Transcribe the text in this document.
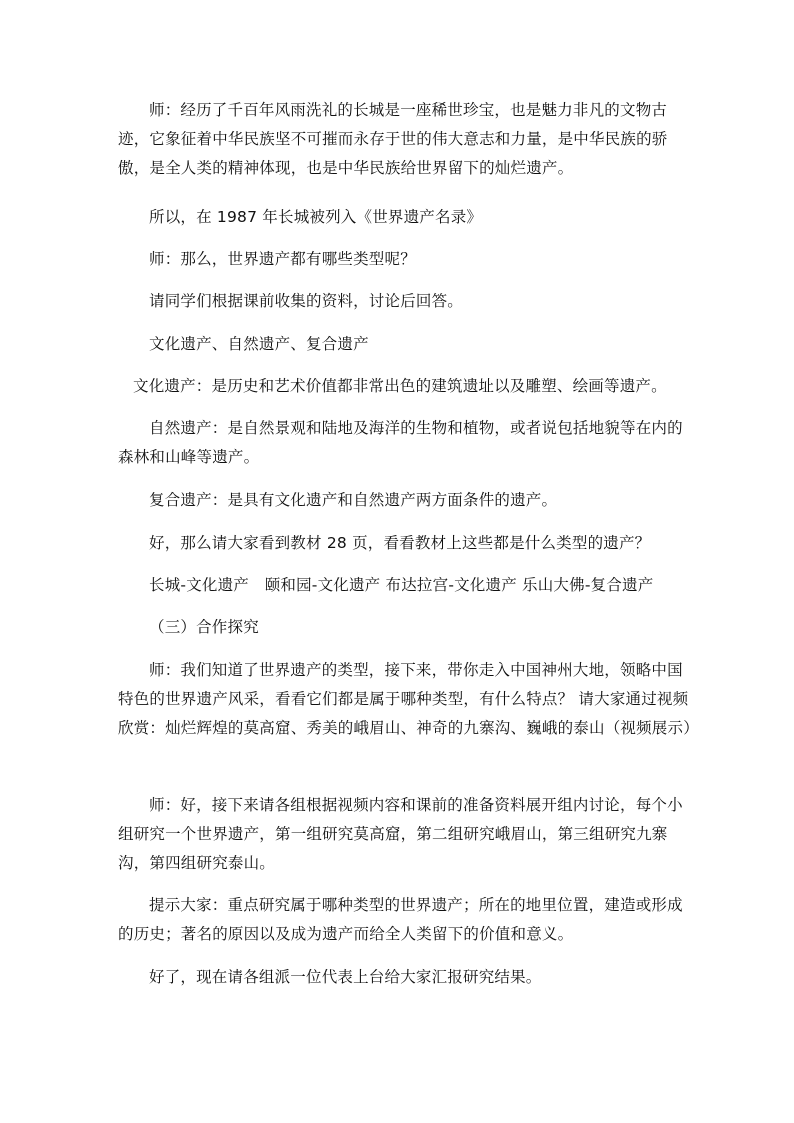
师：经历了千百年风雨洗礼的长城是一座稀世珍宝，也是魅力非凡的文物古迹，它象征着中华民族坚不可摧而永存于世的伟大意志和力量，是中华民族的骄傲，是全人类的精神体现，也是中华民族给世界留下的灿烂遗产。

所以，在 1987 年长城被列入《世界遗产名录》

师：那么，世界遗产都有哪些类型呢？

请同学们根据课前收集的资料，讨论后回答。

文化遗产、自然遗产、复合遗产

文化遗产：是历史和艺术价值都非常出色的建筑遗址以及雕塑、绘画等遗产。

自然遗产：是自然景观和陆地及海洋的生物和植物，或者说包括地貌等在内的森林和山峰等遗产。

复合遗产：是具有文化遗产和自然遗产两方面条件的遗产。

好，那么请大家看到教材 28 页，看看教材上这些都是什么类型的遗产？

长城-文化遗产　颐和园-文化遗产 布达拉宫-文化遗产 乐山大佛-复合遗产

（三）合作探究

师：我们知道了世界遗产的类型，接下来，带你走入中国神州大地，领略中国特色的世界遗产风采，看看它们都是属于哪种类型，有什么特点？ 请大家通过视频欣赏：灿烂辉煌的莫高窟、秀美的峨眉山、神奇的九寨沟、巍峨的泰山（视频展示）

师：好，接下来请各组根据视频内容和课前的准备资料展开组内讨论，每个小组研究一个世界遗产，第一组研究莫高窟，第二组研究峨眉山，第三组研究九寨沟，第四组研究泰山。

提示大家：重点研究属于哪种类型的世界遗产；所在的地里位置，建造或形成的历史；著名的原因以及成为遗产而给全人类留下的价值和意义。

好了，现在请各组派一位代表上台给大家汇报研究结果。
